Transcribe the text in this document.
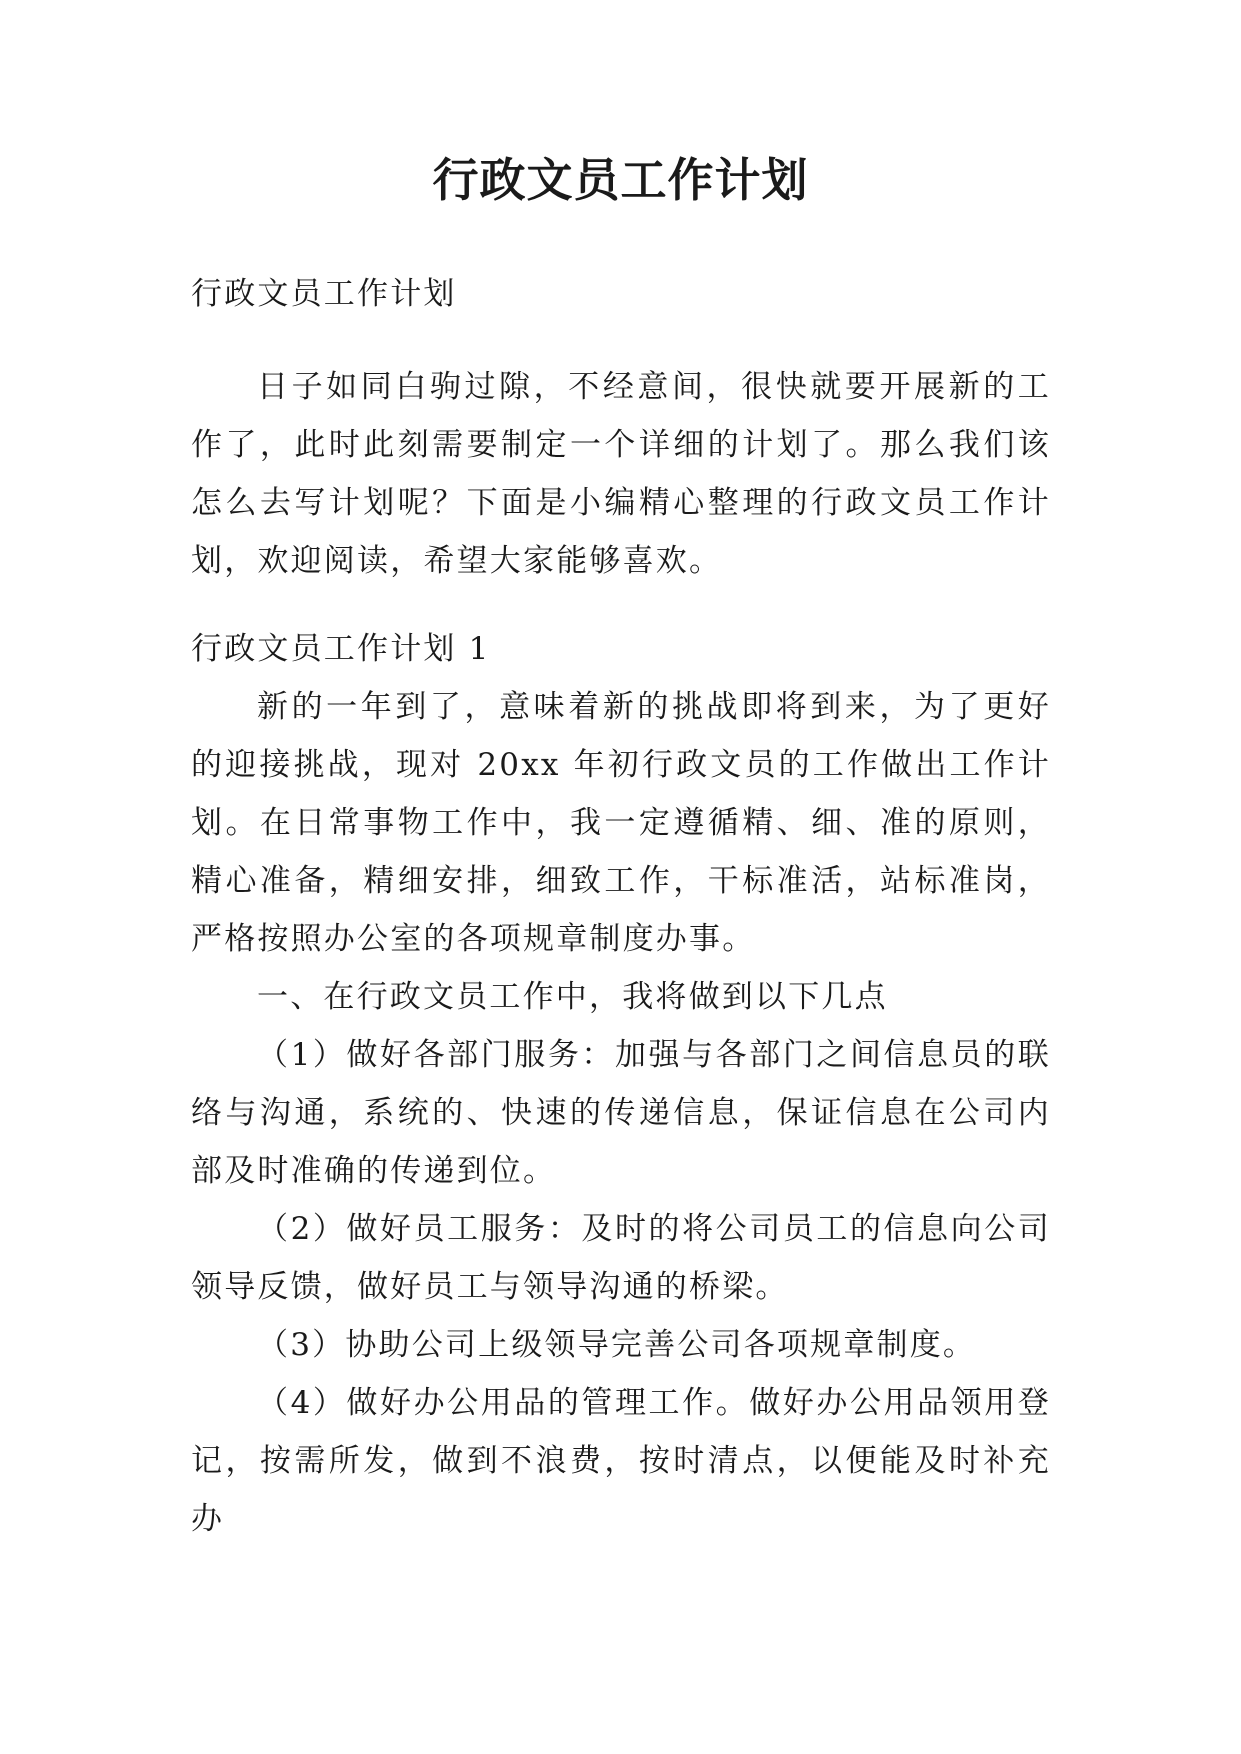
行政文员工作计划

行政文员工作计划

日子如同白驹过隙，不经意间，很快就要开展新的工作了，此时此刻需要制定一个详细的计划了。那么我们该怎么去写计划呢？下面是小编精心整理的行政文员工作计划，欢迎阅读，希望大家能够喜欢。

行政文员工作计划 1

新的一年到了，意味着新的挑战即将到来，为了更好的迎接挑战，现对 20xx 年初行政文员的工作做出工作计划。在日常事物工作中，我一定遵循精、细、准的原则，精心准备，精细安排，细致工作，干标准活，站标准岗，严格按照办公室的各项规章制度办事。

一、在行政文员工作中，我将做到以下几点

（1）做好各部门服务：加强与各部门之间信息员的联络与沟通，系统的、快速的传递信息，保证信息在公司内部及时准确的传递到位。

（2）做好员工服务：及时的将公司员工的信息向公司领导反馈，做好员工与领导沟通的桥梁。

（3）协助公司上级领导完善公司各项规章制度。

（4）做好办公用品的管理工作。做好办公用品领用登记，按需所发，做到不浪费，按时清点，以便能及时补充办
